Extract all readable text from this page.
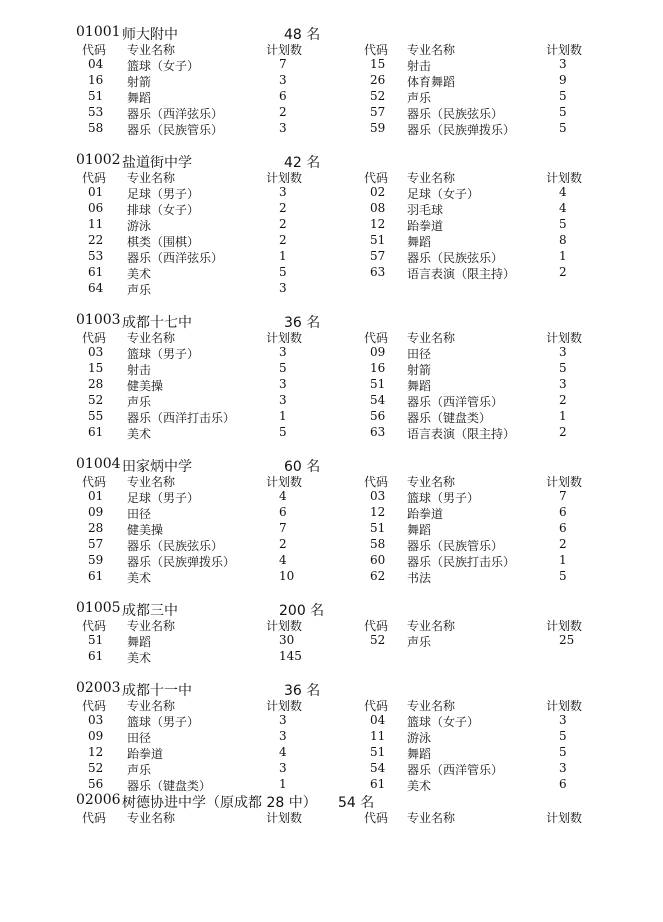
01001 师大附中	48 名
代码 专业名称	计划数	代码 专业名称	计划数
04 篮球（女子）	7	15 射击	3
16 射箭	3	26 体育舞蹈	9
51 舞蹈	6	52 声乐	5
53 器乐（西洋弦乐）	2	57 器乐（民族弦乐）	5
58 器乐（民族管乐）	3	59 器乐（民族弹拨乐）	5
01002 盐道街中学	42 名
代码 专业名称	计划数	代码 专业名称	计划数
01 足球（男子）	3	02 足球（女子）	4
06 排球（女子）	2	08 羽毛球	4
11 游泳	2	12 跆拳道	5
22 棋类（围棋）	2	51 舞蹈	8
53 器乐（西洋弦乐）	1	57 器乐（民族弦乐）	1
61 美术	5	63 语言表演（限主持）	2
64 声乐	3
01003 成都十七中	36 名
代码 专业名称	计划数	代码 专业名称	计划数
03 篮球（男子）	3	09 田径	3
15 射击	5	16 射箭	5
28 健美操	3	51 舞蹈	3
52 声乐	3	54 器乐（西洋管乐）	2
55 器乐（西洋打击乐）	1	56 器乐（键盘类）	1
61 美术	5	63 语言表演（限主持）	2
01004 田家炳中学	60 名
代码 专业名称	计划数	代码 专业名称	计划数
01 足球（男子）	4	03 篮球（男子）	7
09 田径	6	12 跆拳道	6
28 健美操	7	51 舞蹈	6
57 器乐（民族弦乐）	2	58 器乐（民族管乐）	2
59 器乐（民族弹拨乐）	4	60 器乐（民族打击乐）	1
61 美术	10	62 书法	5
01005 成都三中	200 名
代码 专业名称	计划数	代码 专业名称	计划数
51 舞蹈	30	52 声乐	25
61 美术	145
02003 成都十一中	36 名
代码 专业名称	计划数	代码 专业名称	计划数
03 篮球（男子）	3	04 篮球（女子）	3
09 田径	3	11 游泳	5
12 跆拳道	4	51 舞蹈	5
52 声乐	3	54 器乐（西洋管乐）	3
56 器乐（键盘类）	1	61 美术	6
02006 树德协进中学（原成都 28 中） 54 名
代码 专业名称	计划数	代码 专业名称	计划数
